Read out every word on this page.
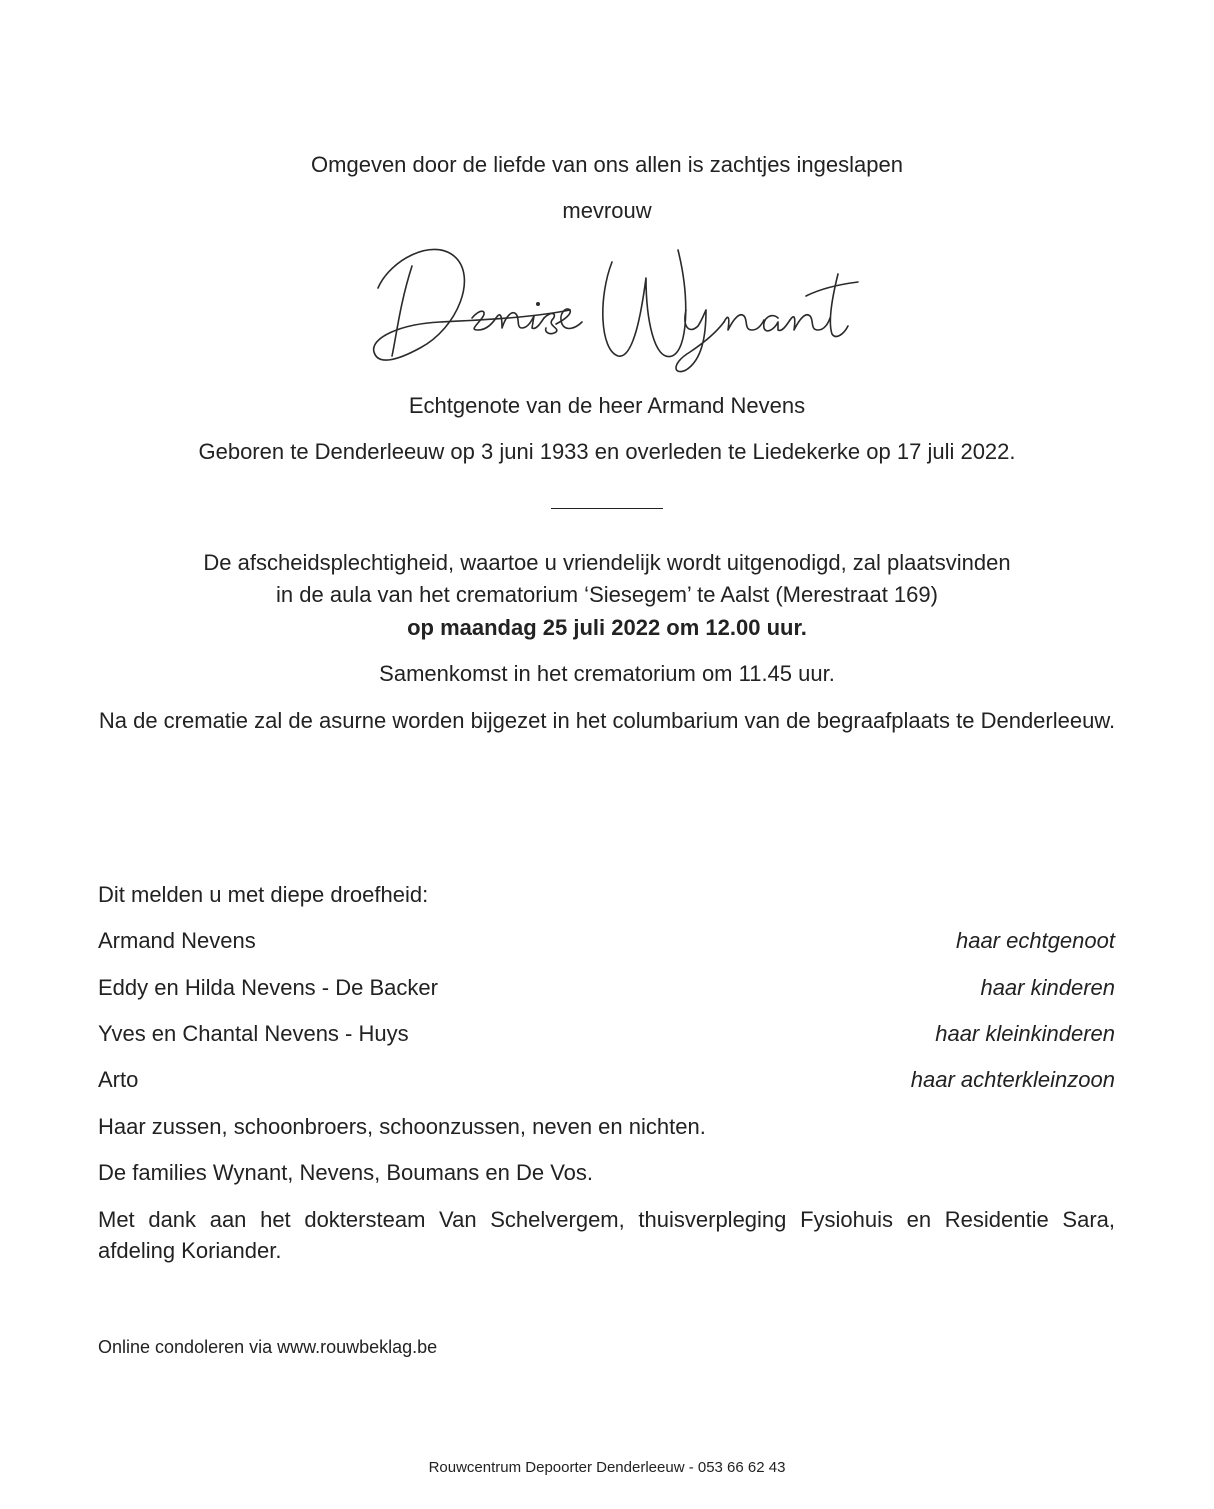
Omgeven door de liefde van ons allen is zachtjes ingeslapen
mevrouw
Echtgenote van de heer Armand Nevens
Geboren te Denderleeuw op 3 juni 1933 en overleden te Liedekerke op 17 juli 2022.
De afscheidsplechtigheid, waartoe u vriendelijk wordt uitgenodigd, zal plaatsvinden
in de aula van het crematorium ‘Siesegem’ te Aalst (Merestraat 169)
op maandag 25 juli 2022 om 12.00 uur.
Samenkomst in het crematorium om 11.45 uur.
Na de crematie zal de asurne worden bijgezet in het columbarium van de begraafplaats te Denderleeuw.
Dit melden u met diepe droefheid:
Armand Nevens	haar echtgenoot
Eddy en Hilda Nevens - De Backer	haar kinderen
Yves en Chantal Nevens - Huys	haar kleinkinderen
Arto	haar achterkleinzoon
Haar zussen, schoonbroers, schoonzussen, neven en nichten.
De families Wynant, Nevens, Boumans en De Vos.
Met dank aan het doktersteam Van Schelvergem, thuisverpleging Fysiohuis en Residentie Sara, afdeling Koriander.
Online condoleren via www.rouwbeklag.be
Rouwcentrum Depoorter Denderleeuw - 053 66 62 43
